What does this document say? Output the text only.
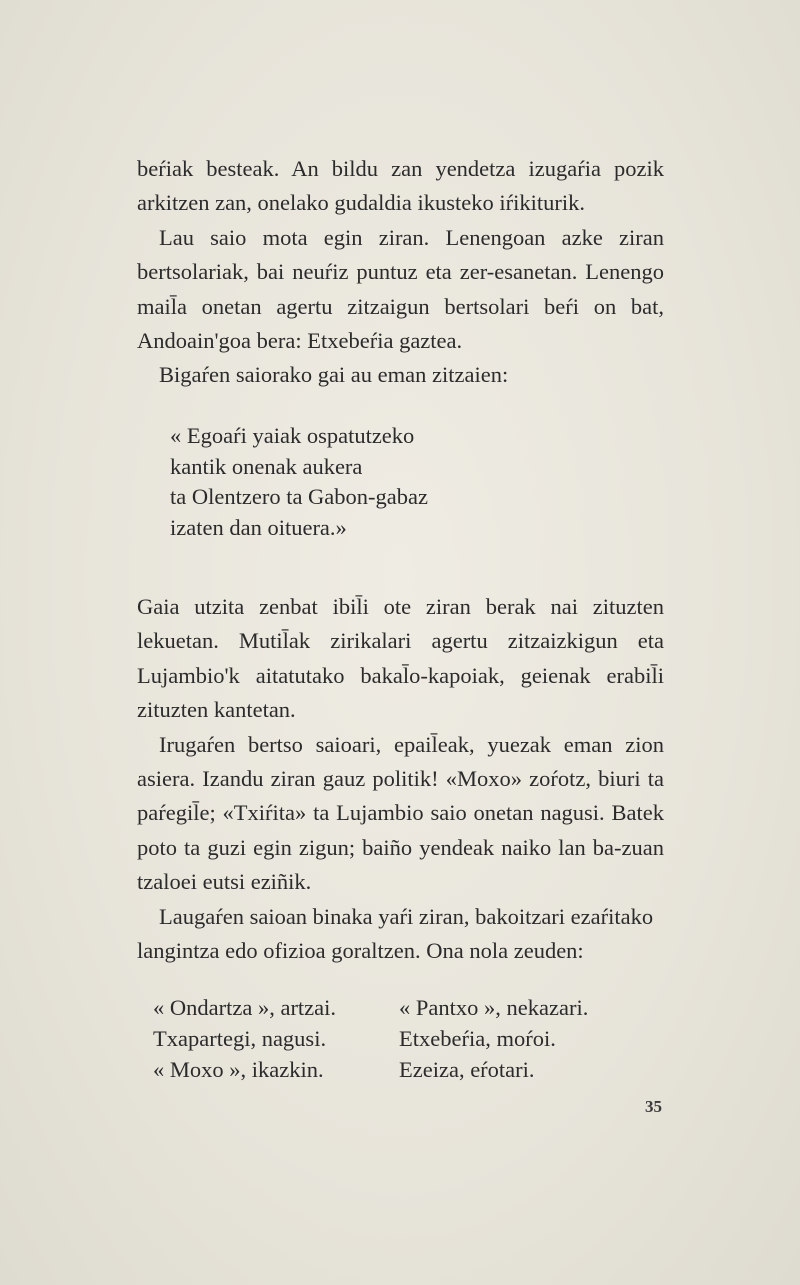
beŕiak besteak. An bildu zan yendetza izugaŕia pozik arkitzen zan, onelako gudaldia ikusteko iŕikiturik.

Lau saio mota egin ziran. Lenengoan azke ziran bertsolariak, bai neuŕiz puntuz eta zer-esanetan. Lenengo mail̄a onetan agertu zitzaigun bertsolari beŕi on bat, Andoain'goa bera: Etxebeŕia gaztea.

Bigaŕen saiorako gai au eman zitzaien:

« Egoaŕi yaiak ospatutzeko
kantik onenak aukera
ta Olentzero ta Gabon-gabaz
izaten dan oituera.»

Gaia utzita zenbat ibil̄i ote ziran berak nai zituzten lekuetan. Mutil̄ak zirikalari agertu zitzaizkigun eta Lujambio'k aitatutako bakal̄o-kapoiak, geienak erabil̄i zituzten kantetan.

Irugaŕen bertso saioari, epail̄eak, yuezak eman zion asiera. Izandu ziran gauz politik! «Moxo» zoŕotz, biuri ta paŕegil̄e; «Txiŕita» ta Lujambio saio onetan nagusi. Batek poto ta guzi egin zigun; baiño yendeak naiko lan ba-zuan tzaloei eutsi eziñik.

Laugaŕen saioan binaka yaŕi ziran, bakoitzari ezaŕitako langintza edo ofizioa goraltzen. Ona nola zeuden:

« Ondartza », artzai.	« Pantxo », nekazari.
Txapartegi, nagusi.	Etxebeŕia, moŕoi.
« Moxo », ikazkin.	Ezeiza, eŕotari.
35
